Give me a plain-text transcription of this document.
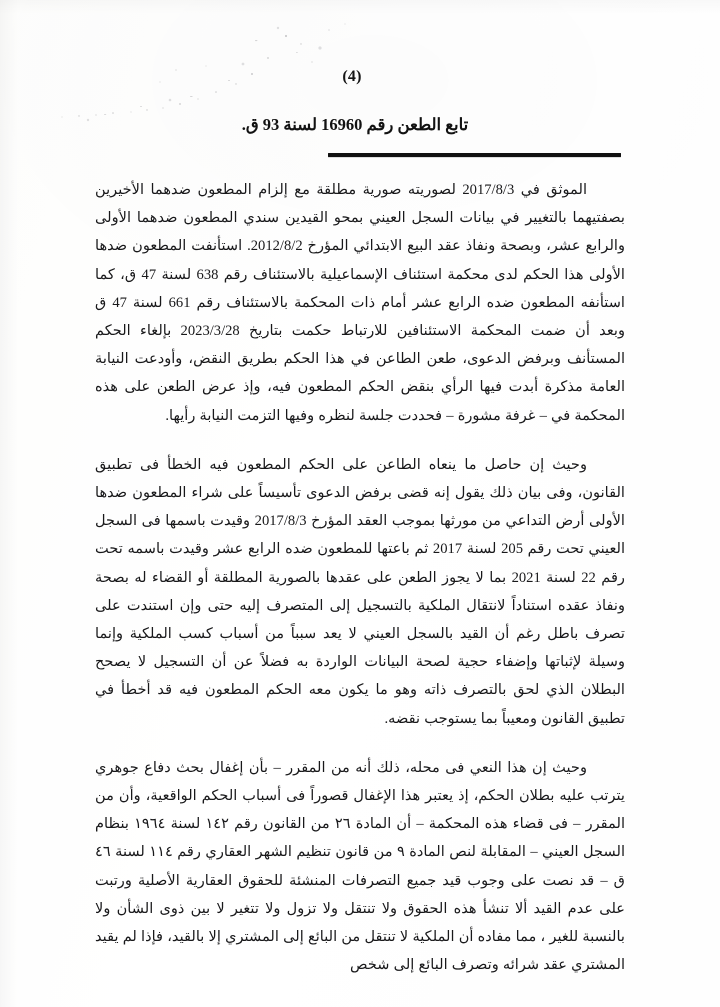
(4)
تابع الطعن رقم 16960 لسنة 93 ق.

الموثق في 2017/8/3 لصوريته صورية مطلقة مع إلزام المطعون ضدهما الأخيرين بصفتيهما بالتغيير في بيانات السجل العيني بمحو القيدين سندي المطعون ضدهما الأولى والرابع عشر، وبصحة ونفاذ عقد البيع الابتدائي المؤرخ 2012/8/2. استأنفت المطعون ضدها الأولى هذا الحكم لدى محكمة استئناف الإسماعيلية بالاستئناف رقم 638 لسنة 47 ق، كما استأنفه المطعون ضده الرابع عشر أمام ذات المحكمة بالاستئناف رقم 661 لسنة 47 ق وبعد أن ضمت المحكمة الاستئنافين للارتباط حكمت بتاريخ 2023/3/28 بإلغاء الحكم المستأنف وبرفض الدعوى، طعن الطاعن في هذا الحكم بطريق النقض، وأودعت النيابة العامة مذكرة أبدت فيها الرأي بنقض الحكم المطعون فيه، وإذ عرض الطعن على هذه المحكمة في – غرفة مشورة – فحددت جلسة لنظره وفيها التزمت النيابة رأيها.

وحيث إن حاصل ما ينعاه الطاعن على الحكم المطعون فيه الخطأ فى تطبيق القانون، وفى بيان ذلك يقول إنه قضى برفض الدعوى تأسيساً على شراء المطعون ضدها الأولى أرض التداعي من مورثها بموجب العقد المؤرخ 2017/8/3 وقيدت باسمها فى السجل العيني تحت رقم 205 لسنة 2017 ثم باعتها للمطعون ضده الرابع عشر وقيدت باسمه تحت رقم 22 لسنة 2021 بما لا يجوز الطعن على عقدها بالصورية المطلقة أو القضاء له بصحة ونفاذ عقده استناداً لانتقال الملكية بالتسجيل إلى المتصرف إليه حتى وإن استندت على تصرف باطل رغم أن القيد بالسجل العيني لا يعد سبباً من أسباب كسب الملكية وإنما وسيلة لإثباتها وإضفاء حجية لصحة البيانات الواردة به فضلاً عن أن التسجيل لا يصحح البطلان الذي لحق بالتصرف ذاته وهو ما يكون معه الحكم المطعون فيه قد أخطأ في تطبيق القانون ومعيباً بما يستوجب نقضه.

وحيث إن هذا النعي فى محله، ذلك أنه من المقرر – بأن إغفال بحث دفاع جوهري يترتب عليه بطلان الحكم، إذ يعتبر هذا الإغفال قصوراً فى أسباب الحكم الواقعية، وأن من المقرر – فى قضاء هذه المحكمة – أن المادة ٢٦ من القانون رقم ١٤٢ لسنة ١٩٦٤ بنظام السجل العيني – المقابلة لنص المادة ٩ من قانون تنظيم الشهر العقاري رقم ١١٤ لسنة ٤٦ ق – قد نصت على وجوب قيد جميع التصرفات المنشئة للحقوق العقارية الأصلية ورتبت على عدم القيد ألا تنشأ هذه الحقوق ولا تنتقل ولا تزول ولا تتغير لا بين ذوى الشأن ولا بالنسبة للغير ، مما مفاده أن الملكية لا تنتقل من البائع إلى المشتري إلا بالقيد، فإذا لم يقيد المشتري عقد شرائه وتصرف البائع إلى شخص
